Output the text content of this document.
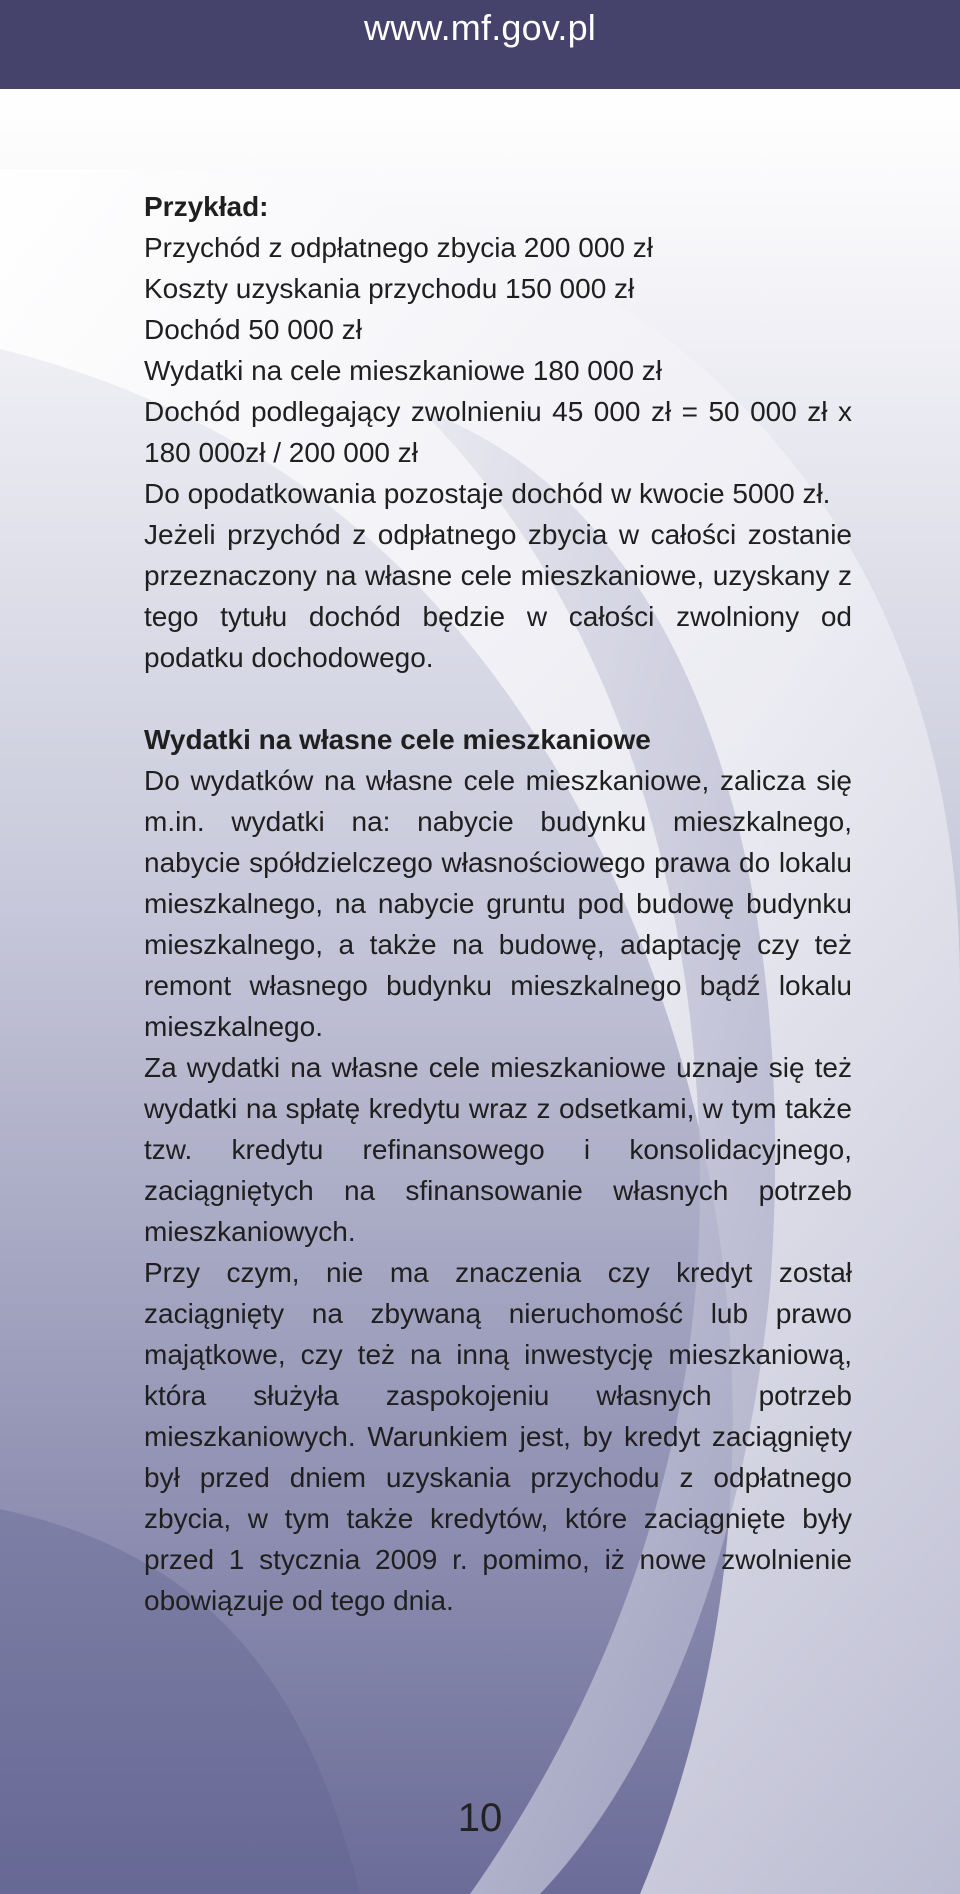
www.mf.gov.pl

Przykład:

Przychód z odpłatnego zbycia 200 000 zł

Koszty uzyskania przychodu 150 000 zł

Dochód 50 000 zł

Wydatki na cele mieszkaniowe 180 000 zł

Dochód podlegający zwolnieniu 45 000 zł = 50 000 zł x 180 000zł / 200 000 zł

Do opodatkowania pozostaje dochód w kwocie 5000 zł.

Jeżeli przychód z odpłatnego zbycia w całości zostanie przeznaczony na własne cele mieszkaniowe, uzyskany z tego tytułu dochód będzie w całości zwolniony od podatku dochodowego.

Wydatki na własne cele mieszkaniowe

Do wydatków na własne cele mieszkaniowe, zalicza się m.in. wydatki na: nabycie budynku mieszkalnego, nabycie spółdzielczego własnościowego prawa do lokalu mieszkalnego, na nabycie gruntu pod budowę budynku mieszkalnego, a także na budowę, adaptację czy też remont własnego budynku mieszkalnego bądź lokalu mieszkalnego.

Za wydatki na własne cele mieszkaniowe uznaje się też wydatki na spłatę kredytu wraz z odsetkami, w tym także tzw. kredytu refinansowego i konsolidacyjnego, zaciągniętych na sfinansowanie własnych potrzeb mieszkaniowych.

Przy czym, nie ma znaczenia czy kredyt został zaciągnięty na zbywaną nieruchomość lub prawo majątkowe, czy też na inną inwestycję mieszkaniową, która służyła zaspokojeniu własnych potrzeb mieszkaniowych. Warunkiem jest, by kredyt zaciągnięty był przed dniem uzyskania przychodu z odpłatnego zbycia, w tym także kredytów, które zaciągnięte były przed 1 stycznia 2009 r. pomimo, iż nowe zwolnienie obowiązuje od tego dnia.

10
